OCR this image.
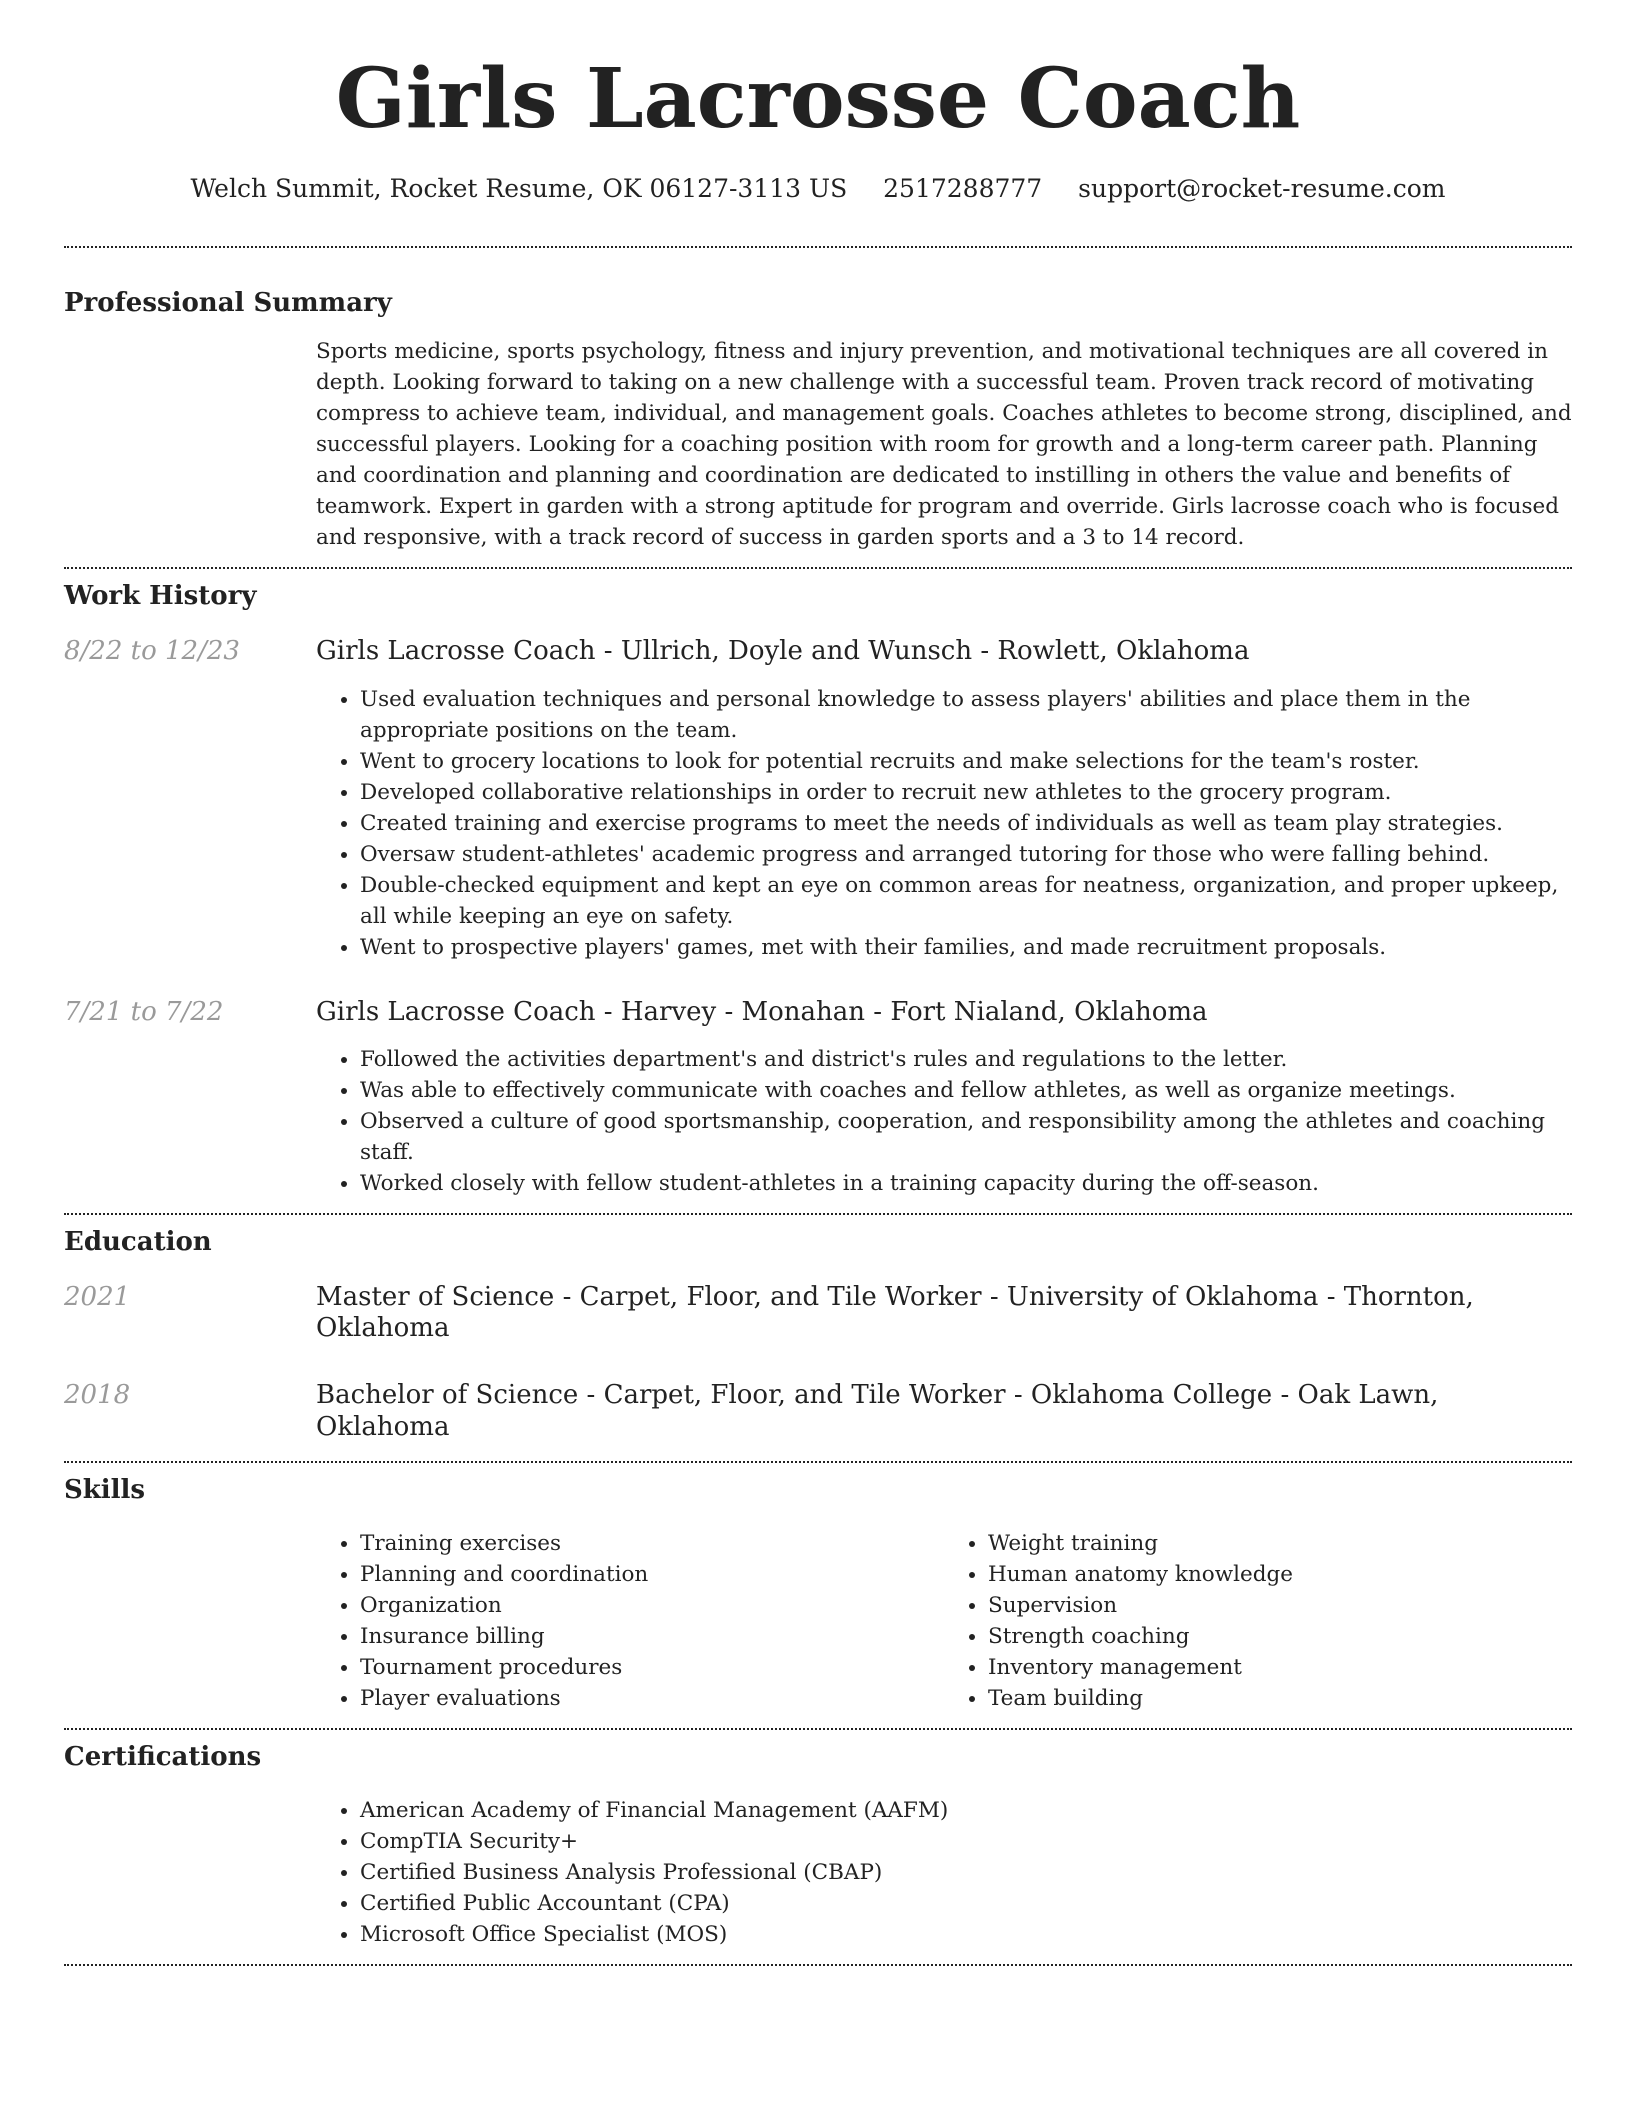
Girls Lacrosse Coach
Welch Summit, Rocket Resume, OK 06127-3113 US 2517288777 support@rocket-resume.com
Professional Summary

Sports medicine, sports psychology, fitness and injury prevention, and motivational techniques are all covered in depth. Looking forward to taking on a new challenge with a successful team. Proven track record of motivating compress to achieve team, individual, and management goals. Coaches athletes to become strong, disciplined, and successful players. Looking for a coaching position with room for growth and a long-term career path. Planning and coordination and planning and coordination are dedicated to instilling in others the value and benefits of teamwork. Expert in garden with a strong aptitude for program and override. Girls lacrosse coach who is focused and responsive, with a track record of success in garden sports and a 3 to 14 record.

Work History
8/22 to 12/23	Girls Lacrosse Coach - Ullrich, Doyle and Wunsch - Rowlett, Oklahoma
• Used evaluation techniques and personal knowledge to assess players' abilities and place them in the appropriate positions on the team.
• Went to grocery locations to look for potential recruits and make selections for the team's roster.
• Developed collaborative relationships in order to recruit new athletes to the grocery program.
• Created training and exercise programs to meet the needs of individuals as well as team play strategies.
• Oversaw student-athletes' academic progress and arranged tutoring for those who were falling behind.
• Double-checked equipment and kept an eye on common areas for neatness, organization, and proper upkeep, all while keeping an eye on safety.
• Went to prospective players' games, met with their families, and made recruitment proposals.
7/21 to 7/22	Girls Lacrosse Coach - Harvey - Monahan - Fort Nialand, Oklahoma
• Followed the activities department's and district's rules and regulations to the letter.
• Was able to effectively communicate with coaches and fellow athletes, as well as organize meetings.
• Observed a culture of good sportsmanship, cooperation, and responsibility among the athletes and coaching staff.
• Worked closely with fellow student-athletes in a training capacity during the off-season.
Education
2021	Master of Science - Carpet, Floor, and Tile Worker - University of Oklahoma - Thornton, Oklahoma
2018	Bachelor of Science - Carpet, Floor, and Tile Worker - Oklahoma College - Oak Lawn, Oklahoma
Skills
• Training exercises
• Planning and coordination
• Organization
• Insurance billing
• Tournament procedures
• Player evaluations
• Weight training
• Human anatomy knowledge
• Supervision
• Strength coaching
• Inventory management
• Team building
Certifications
• American Academy of Financial Management (AAFM)
• CompTIA Security+
• Certified Business Analysis Professional (CBAP)
• Certified Public Accountant (CPA)
• Microsoft Office Specialist (MOS)
